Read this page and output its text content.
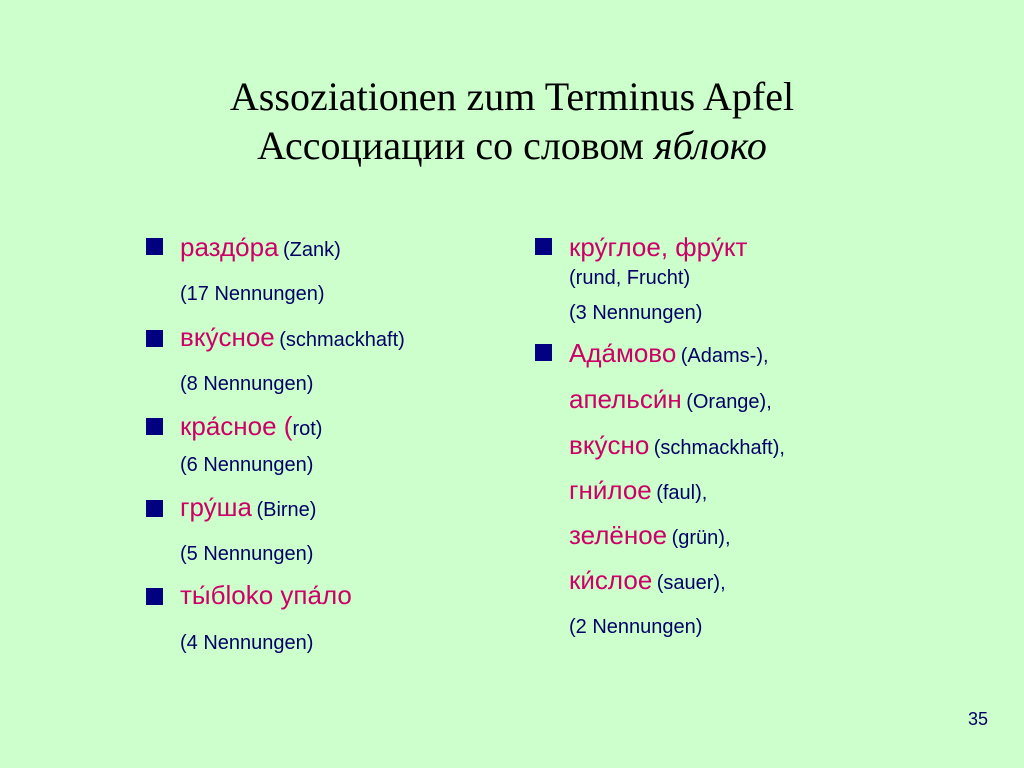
Assoziationen zum Terminus Apfel
Ассоциации со словом яблоко
раздо́ра (Zank)
(17 Nennungen)
вку́сное (schmackhaft)
(8 Nennungen)
кра́сное (rot)
(6 Nennungen)
гру́ша (Birne)
(5 Nennungen)
ты́бloko упа́ло
(4 Nennungen)
кру́глое, фру́кт
(rund, Frucht)
(3 Nennungen)
Ада́мово (Adams-),
апельси́н (Orange),
вку́сно (schmackhaft),
гни́лое (faul),
зелёное (grün),
ки́слое (sauer),
(2 Nennungen)
35
